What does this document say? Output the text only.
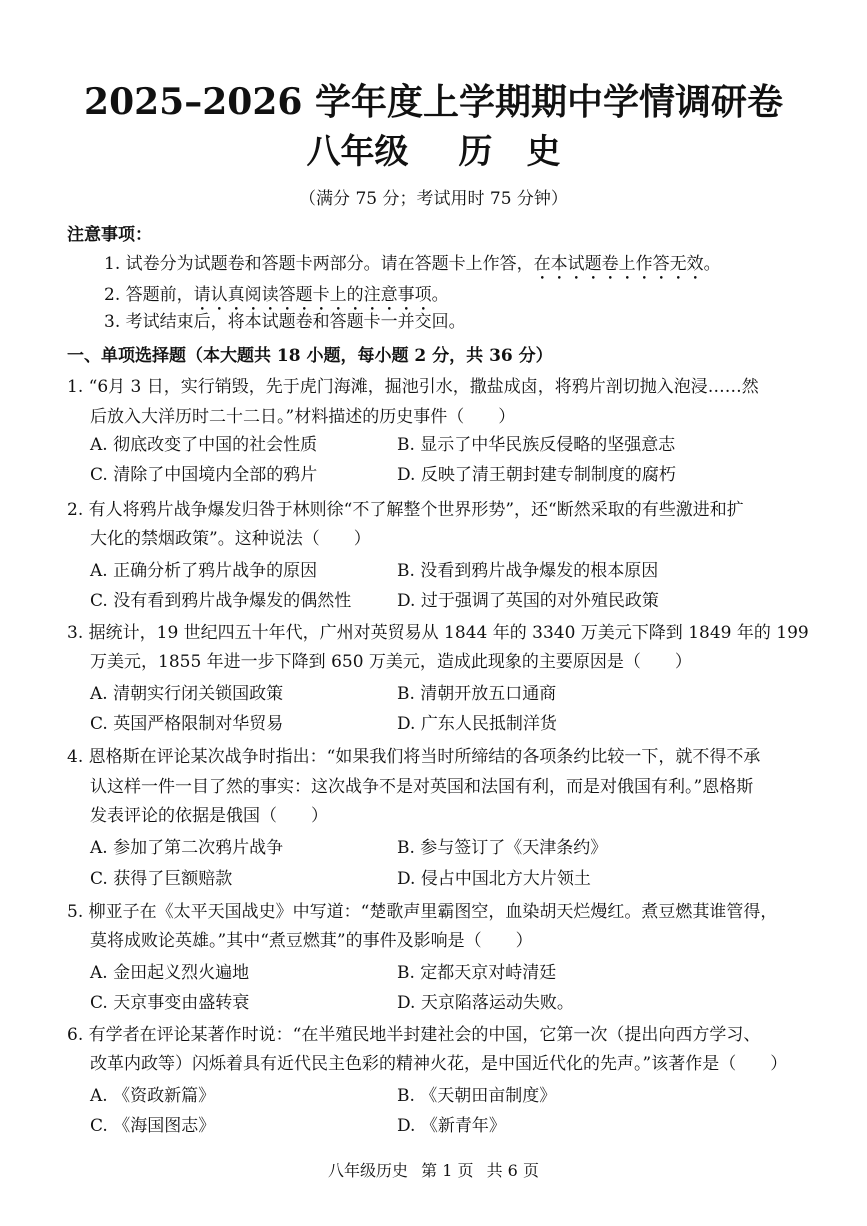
2025–2026 学年度上学期期中学情调研卷
八年级 历　史
（满分 75 分；考试用时 75 分钟）
注意事项：
1. 试卷分为试题卷和答题卡两部分。请在答题卡上作答，在本试题卷上作答无效。
2. 答题前，请认真阅读答题卡上的注意事项。
3. 考试结束后，将本试题卷和答题卡一并交回。
一、单项选择题（本大题共 18 小题，每小题 2 分，共 36 分）
1. “6月 3 日，实行销毁，先于虎门海滩，掘池引水，撒盐成卤，将鸦片剖切抛入泡浸……然
后放入大洋历时二十二日。”材料描述的历史事件（　　）
A. 彻底改变了中国的社会性质	B. 显示了中华民族反侵略的坚强意志
C. 清除了中国境内全部的鸦片	D. 反映了清王朝封建专制制度的腐朽
2. 有人将鸦片战争爆发归咎于林则徐“不了解整个世界形势”，还“断然采取的有些激进和扩
大化的禁烟政策”。这种说法（　　）
A. 正确分析了鸦片战争的原因	B. 没看到鸦片战争爆发的根本原因
C. 没有看到鸦片战争爆发的偶然性	D. 过于强调了英国的对外殖民政策
3. 据统计，19 世纪四五十年代，广州对英贸易从 1844 年的 3340 万美元下降到 1849 年的 199
万美元，1855 年进一步下降到 650 万美元，造成此现象的主要原因是（　　）
A. 清朝实行闭关锁国政策	B. 清朝开放五口通商
C. 英国严格限制对华贸易	D. 广东人民抵制洋货
4. 恩格斯在评论某次战争时指出：“如果我们将当时所缔结的各项条约比较一下，就不得不承
认这样一件一目了然的事实：这次战争不是对英国和法国有利，而是对俄国有利。”恩格斯
发表评论的依据是俄国（　　）
A. 参加了第二次鸦片战争	B. 参与签订了《天津条约》
C. 获得了巨额赔款	D. 侵占中国北方大片领土
5. 柳亚子在《太平天国战史》中写道：“楚歌声里霸图空，血染胡天烂熳红。煮豆燃萁谁管得，
莫将成败论英雄。”其中“煮豆燃萁”的事件及影响是（　　）
A. 金田起义烈火遍地	B. 定都天京对峙清廷
C. 天京事变由盛转衰	D. 天京陷落运动失败。
6. 有学者在评论某著作时说：“在半殖民地半封建社会的中国，它第一次（提出向西方学习、
改革内政等）闪烁着具有近代民主色彩的精神火花，是中国近代化的先声。”该著作是（　　）
A. 《资政新篇》	B. 《天朝田亩制度》
C. 《海国图志》	D. 《新青年》
八年级历史 第 1 页 共 6 页
